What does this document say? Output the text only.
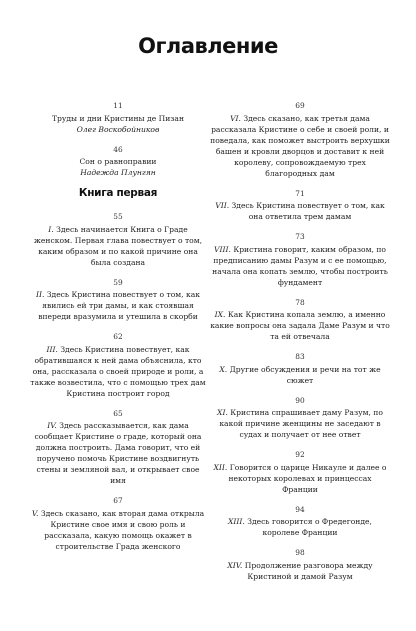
Оглавление
11
Труды и дни Кристины де Пизан
Олег Воскобойников
46
Сон о равноправии
Надежда Плунгян
Книга первая
55
I. Здесь начинается Книга о Граде женском. Первая глава повествует о том, каким образом и по какой причине она была создана
59
II. Здесь Кристина повествует о том, как явились ей три дамы, и как стоявшая впереди вразумила и утешила в скорби
62
III. Здесь Кристина повествует, как обратившаяся к ней дама объяснила, кто она, рассказала о своей природе и роли, а также возвестила, что с помощью трех дам Кристина построит город
65
IV. Здесь рассказывается, как дама сообщает Кристине о граде, который она должна построить. Дама говорит, что ей поручено помочь Кристине воздвигнуть стены и земляной вал, и открывает свое имя
67
V. Здесь сказано, как вторая дама открыла Кристине свое имя и свою роль и рассказала, какую помощь окажет в строительстве Града женского
69
VI. Здесь сказано, как третья дама рассказала Кристине о себе и своей роли, и поведала, как поможет выстроить верхушки башен и кровли дворцов и доставит к ней королеву, сопровождаемую трех благородных дам
71
VII. Здесь Кристина повествует о том, как она ответила трем дамам
73
VIII. Кристина говорит, каким образом, по предписанию дамы Разум и с ее помощью, начала она копать землю, чтобы построить фундамент
78
IX. Как Кристина копала землю, а именно какие вопросы она задала Даме Разум и что та ей отвечала
83
X. Другие обсуждения и речи на тот же сюжет
90
XI. Кристина спрашивает даму Разум, по какой причине женщины не заседают в судах и получает от нее ответ
92
XII. Говорится о царице Никауле и далее о некоторых королевах и принцессах Франции
94
XIII. Здесь говорится о Фредегонде, королеве Франции
98
XIV. Продолжение разговора между Кристиной и дамой Разум
